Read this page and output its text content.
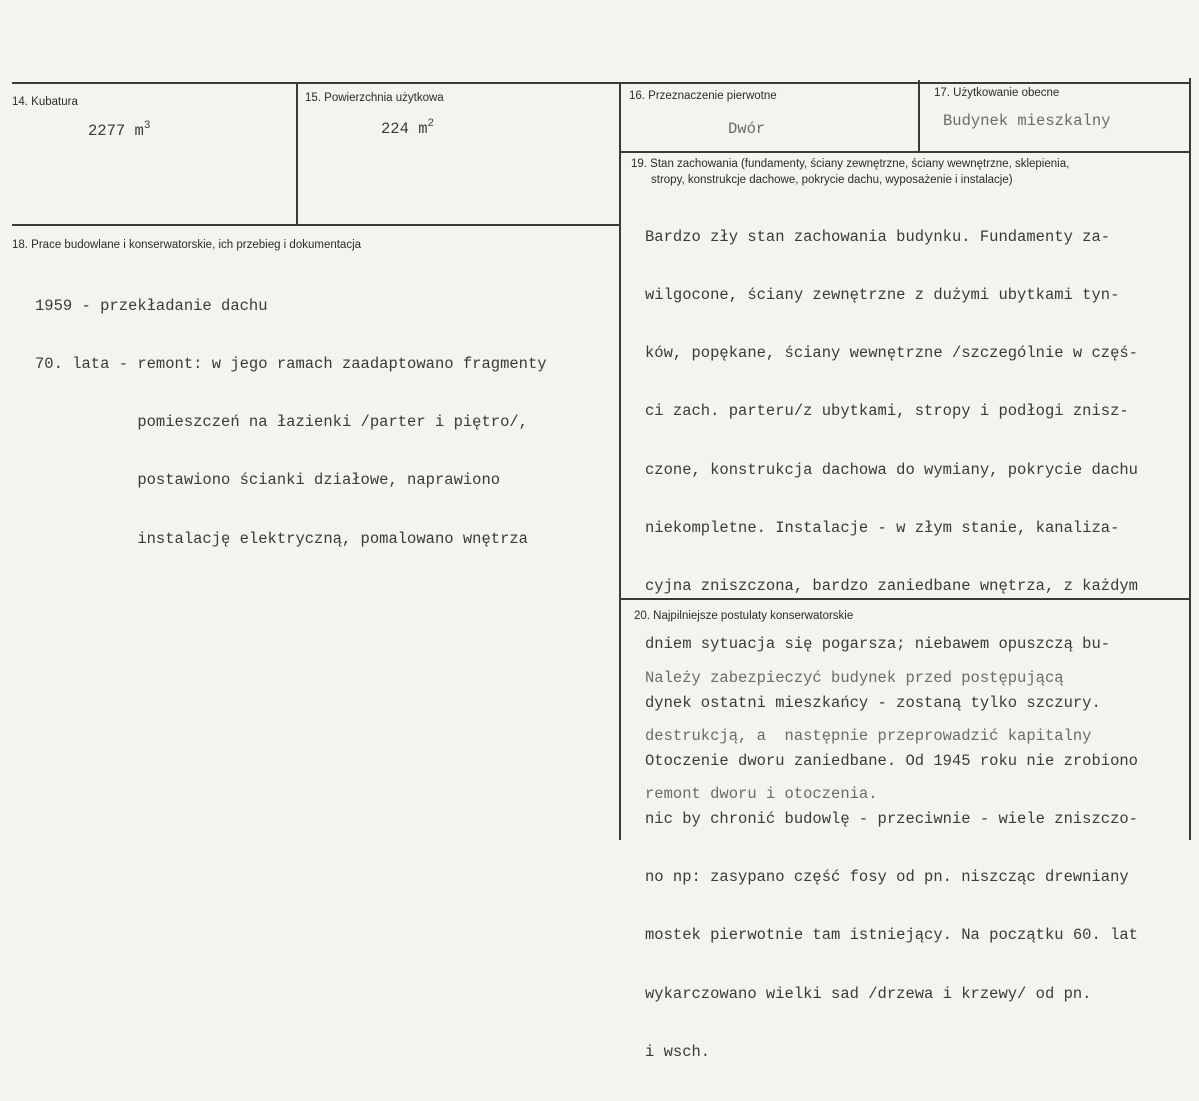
14. Kubatura
2277 $m^3$
15. Powierzchnia użytkowa
224 $m^2$
16. Przeznaczenie pierwotne
Dwór
17. Użytkowanie obecne
Budynek mieszkalny
18. Prace budowlane i konserwatorskie, ich przebieg i dokumentacja

1959 - przekładanie dachu

70. lata - remont: w jego ramach zaadaptowano fragmenty

pomieszczeń na łazienki /parter i piętro/,

postawiono ścianki działowe, naprawiono

instalację elektryczną, pomalowano wnętrza

19. Stan zachowania (fundamenty, ściany zewnętrzne, ściany wewnętrzne, sklepienia,
stropy, konstrukcje dachowe, pokrycie dachu, wyposażenie i instalacje)

Bardzo zły stan zachowania budynku. Fundamenty za-

wilgocone, ściany zewnętrzne z dużymi ubytkami tyn-

ków, popękane, ściany wewnętrzne /szczególnie w częś-

ci zach. parteru/z ubytkami, stropy i podłogi znisz-

czone, konstrukcja dachowa do wymiany, pokrycie dachu

niekompletne. Instalacje - w złym stanie, kanaliza-

cyjna zniszczona, bardzo zaniedbane wnętrza, z każdym

dniem sytuacja się pogarsza; niebawem opuszczą bu-

dynek ostatni mieszkańcy - zostaną tylko szczury.

Otoczenie dworu zaniedbane. Od 1945 roku nie zrobiono

nic by chronić budowlę - przeciwnie - wiele zniszczo-

no np: zasypano część fosy od pn. niszcząc drewniany

mostek pierwotnie tam istniejący. Na początku 60. lat

wykarczowano wielki sad /drzewa i krzewy/ od pn.

i wsch.

20. Najpilniejsze postulaty konserwatorskie

Należy zabezpieczyć budynek przed postępującą

destrukcją, a  następnie przeprowadzić kapitalny

remont dworu i otoczenia.
